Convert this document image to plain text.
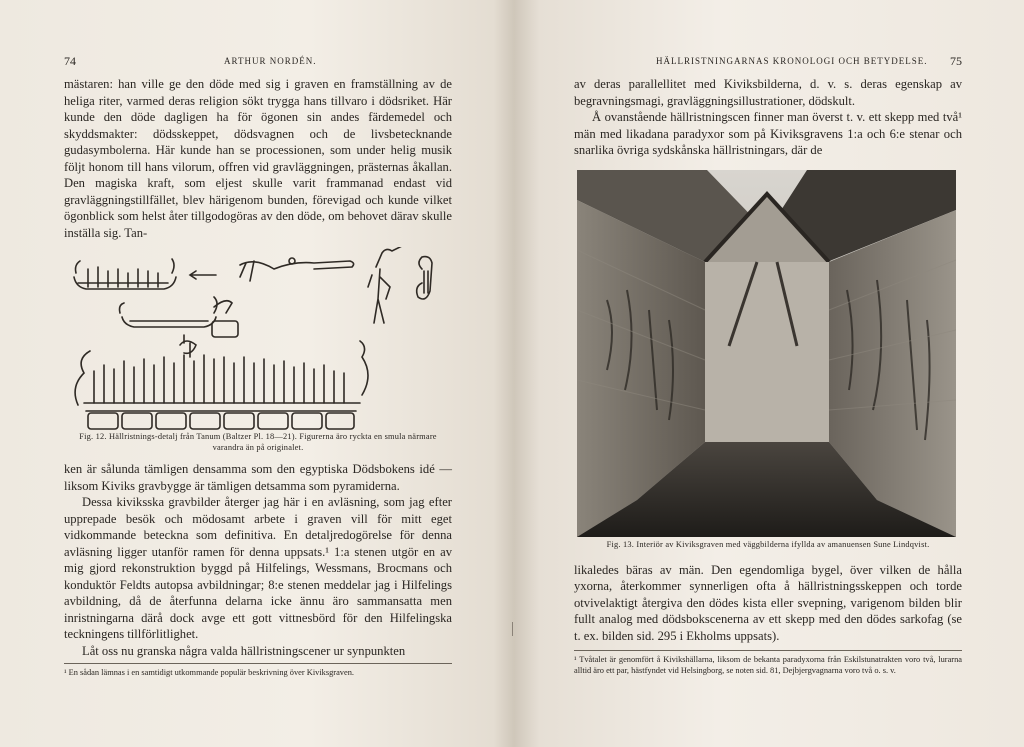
74	ARTHUR NORDÉN.

mästaren: han ville ge den döde med sig i graven en framställning av de heliga riter, varmed deras religion sökt trygga hans tillvaro i dödsriket. Här kunde den döde dagligen ha för ögonen sin andes färdemedel och skyddsmakter: dödsskeppet, dödsvagnen och de livsbetecknande gudasymbolerna. Här kunde han se processionen, som under helig musik följt honom till hans vilorum, offren vid gravläggningen, prästernas åkallan. Den magiska kraft, som eljest skulle varit frammanad endast vid gravläggningstillfället, blev härigenom bunden, förevigad och kunde vilket ögonblick som helst åter tillgodogöras av den döde, om behovet därav skulle inställa sig. Tan-

Fig. 12. Hällristnings-detalj från Tanum (Baltzer Pl. 18—21). Figurerna äro ryckta en smula närmare varandra än på originalet.

ken är sålunda tämligen densamma som den egyptiska Dödsbokens idé — liksom Kiviks gravbygge är tämligen detsamma som pyramiderna.

Dessa kiviksska gravbilder återger jag här i en avläsning, som jag efter upprepade besök och mödosamt arbete i graven vill för mitt eget vidkommande beteckna som definitiva. En detaljredogörelse för denna avläsning ligger utanför ramen för denna uppsats.¹ 1:a stenen utgör en av mig gjord rekonstruktion byggd på Hilfelings, Wessmans, Brocmans och konduktör Feldts autopsa avbildningar; 8:e stenen meddelar jag i Hilfelings avbildning, då de återfunna delarna icke ännu äro sammansatta men inristningarna därå dock avge ett gott vittnesbörd för den Hilfelingska teckningens tillförlitlighet.

Låt oss nu granska några valda hällristningscener ur synpunkten

¹ En sådan lämnas i en samtidigt utkommande populär beskrivning över Kiviksgraven.
HÄLLRISTNINGARNAS KRONOLOGI OCH BETYDELSE. 75

av deras parallellitet med Kiviksbilderna, d. v. s. deras egenskap av begravningsmagi, gravläggningsillustrationer, dödskult.

Å ovanstående hällristningscen finner man överst t. v. ett skepp med två¹ män med likadana paradyxor som på Kiviksgravens 1:a och 6:e stenar och snarlika övriga sydskånska hällristningars, där de

Fig. 13. Interiör av Kiviksgraven med väggbilderna ifyllda av amanuensen Sune Lindqvist.

likaledes bäras av män. Den egendomliga bygel, över vilken de hålla yxorna, återkommer synnerligen ofta å hällristningsskeppen och torde otvivelaktigt återgiva den dödes kista eller svepning, varigenom bilden blir fullt analog med dödsbokscenerna av ett skepp med den dödes sarkofag (se t. ex. bilden sid. 295 i Ekholms uppsats).

¹ Tvåtalet är genomfört å Kivikshällarna, liksom de bekanta paradyxorna från Eskilstunatrakten voro två, lurarna alltid äro ett par, hästfyndet vid Helsingborg, se noten sid. 81, Dejbjergvagnarna voro två o. s. v.
